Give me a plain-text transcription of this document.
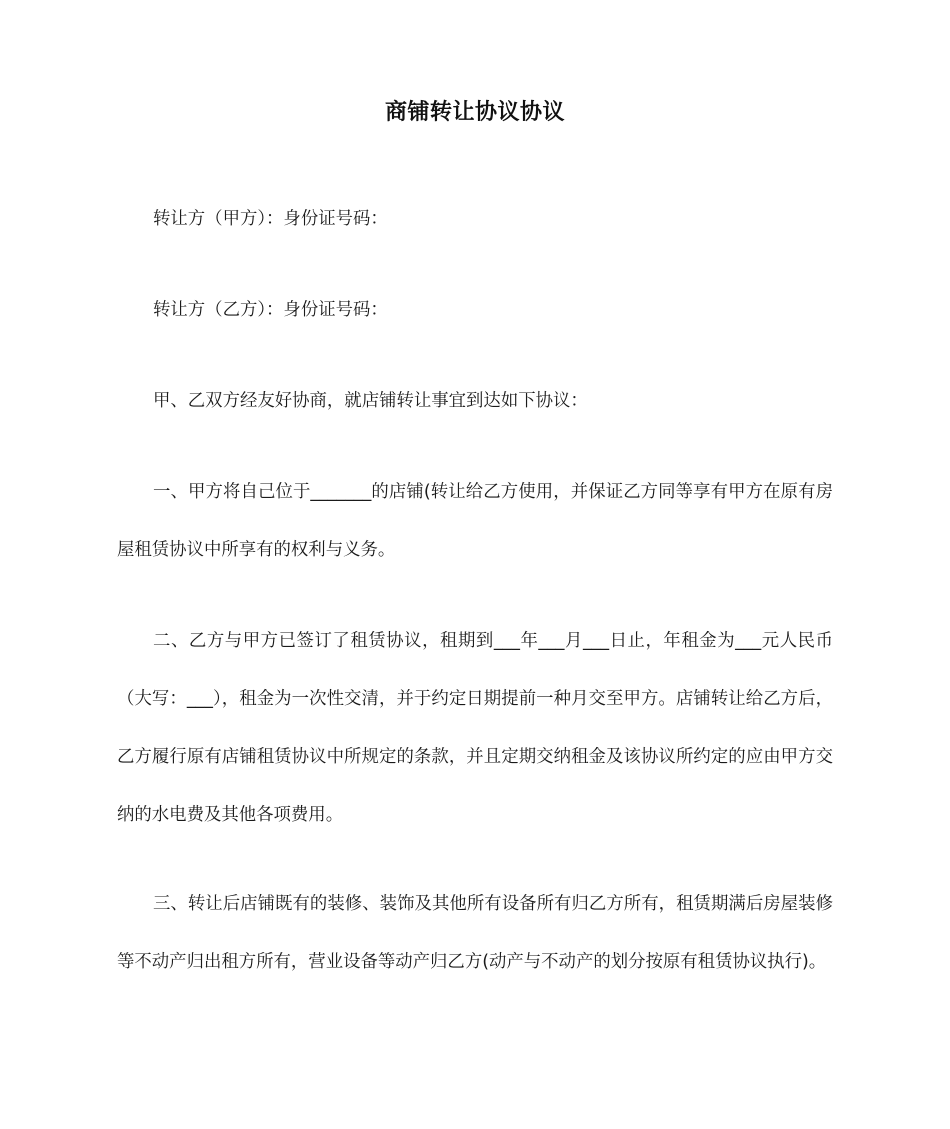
商铺转让协议协议

转让方（甲方）：身份证号码：

转让方（乙方）：身份证号码：

甲、乙双方经友好协商，就店铺转让事宜到达如下协议：

一、甲方将自己位于_______的店铺(转让给乙方使用，并保证乙方同等享有甲方在原有房屋租赁协议中所享有的权利与义务。

二、乙方与甲方已签订了租赁协议，租期到___年___月___日止，年租金为___元人民币（大写：___），租金为一次性交清，并于约定日期提前一种月交至甲方。店铺转让给乙方后，乙方履行原有店铺租赁协议中所规定的条款，并且定期交纳租金及该协议所约定的应由甲方交纳的水电费及其他各项费用。

三、转让后店铺既有的装修、装饰及其他所有设备所有归乙方所有，租赁期满后房屋装修等不动产归出租方所有，营业设备等动产归乙方(动产与不动产的划分按原有租赁协议执行)。
